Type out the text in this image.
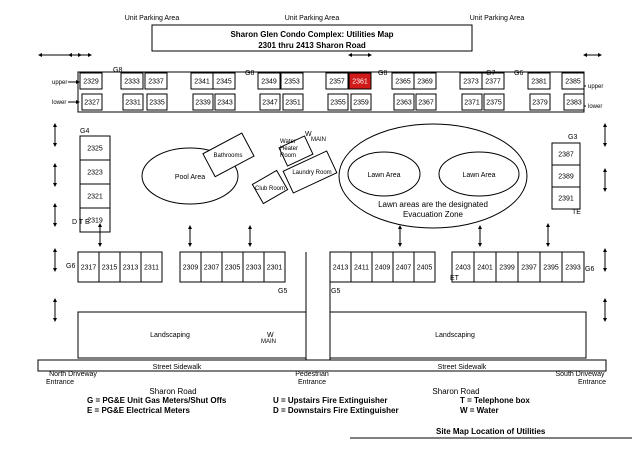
Unit Parking Area	Unit Parking Area	Unit Parking Area
Sharon Glen Condo Complex: Utilities Map
2301 thru 2413 Sharon Road
upper
lower
upper
lower
2329	2333 2337	2341 2345	2349 2353	2357 2361	2365 2369	2373 2377	2381	2385
2327	2331 2335	2339 2343	2347 2351	2355 2359	2363 2367	2371 2375	2379	2383
G8	G8	G8	G7	G6
2325
2323
2321
2319
G4
D T E
2387
2389
2391
G3
TE
Pool Area
Bathrooms
Club Room
Water Heater Room
Laundry Room
W
MAIN
Lawn Area	Lawn Area
Lawn areas are the designated
Evacuation Zone
2317 2315 2313 2311	2309 2307 2305 2303 2301	2413 2411 2409 2407 2405	2403 2401 2399 2397 2395 2393
G6	G6
G5	G5
ET
Landscaping	Landscaping
W
MAIN
Street Sidewalk	Street Sidewalk
North Driveway
Entrance
Pedestrian
Entrance
South Driveway
Entrance
Sharon Road	Sharon Road
G = PG&E Unit Gas Meters/Shut Offs
E = PG&E Electrical Meters
U = Upstairs Fire Extinguisher
D = Downstairs Fire Extinguisher
T = Telephone box
W = Water
Site Map Location of Utilities
